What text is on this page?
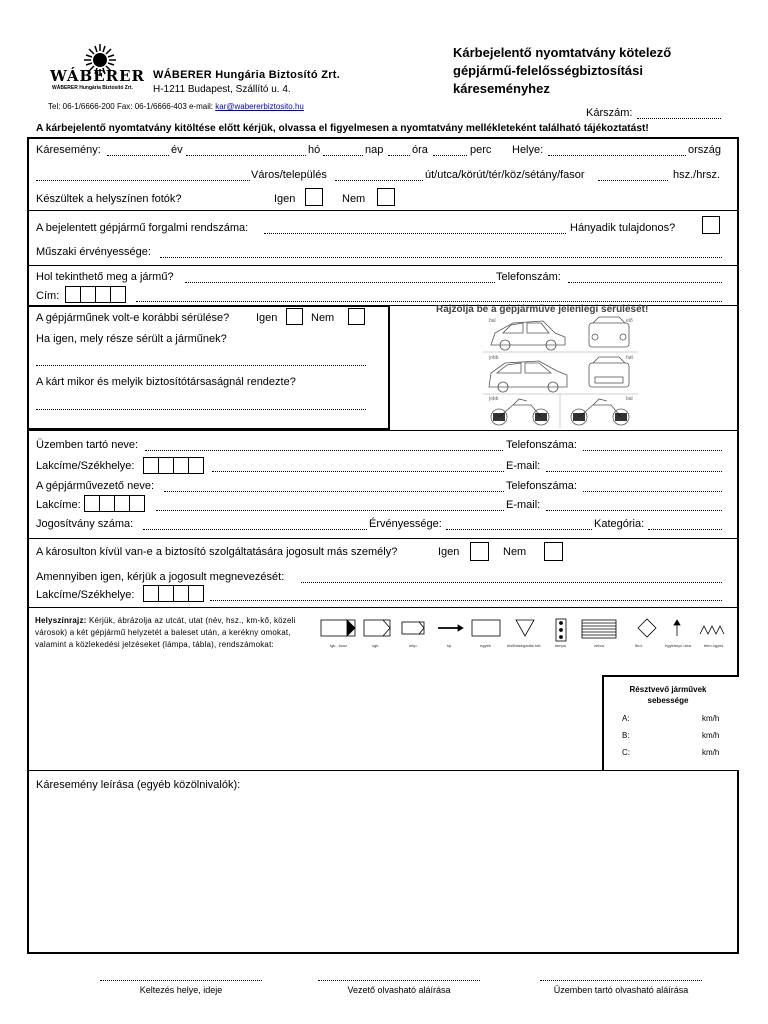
WÁBERER
WÁBERER Hungária Biztosító Zrt.
WÁBERER Hungária Biztosító Zrt.
H-1211 Budapest, Szállító u. 4.
Tel: 06-1/6666-200 Fax: 06-1/6666-403 e-mail: kar@wabererbiztosito.hu
Kárbejelentő nyomtatvány kötelező
gépjármű-felelősségbiztosítási
káreseményhez
Kárszám:
A kárbejelentő nyomtatvány kitöltése előtt kérjük, olvassa el figyelmesen a nyomtatvány mellékleteként található tájékoztatást!
Káresemény:	év	hó	nap	óra	perc Helye:	ország
Város/település	út/utca/körút/tér/köz/sétány/fasor	hsz./hrsz.
Készültek a helyszínen fotók?	Igen	Nem
A bejelentett gépjármű forgalmi rendszáma:	Hányadik tulajdonos?
Műszaki érvényessége:
Hol tekinthető meg a jármű?	Telefonszám:
Cím:
A gépjárműnek volt-e korábbi sérülése? Igen	Nem
Ha igen, mely része sérült a járműnek?
A kárt mikor és melyik biztosítótársaságnál rendezte?
Rajzolja be a gépjárműve jelenlegi sérülését!
bal	elő
jobb	hát
jobb	bal
Üzemben tartó neve:	Telefonszáma:
Lakcíme/Székhelye:	E-mail:
A gépjárművezető neve:	Telefonszáma:
Lakcíme:	E-mail:
Jogosítvány száma:	Érvényessége:	Kategória:
A károsulton kívül van-e a biztosító szolgáltatására jogosult más személy?	Igen	Nem
Amennyiben igen, kérjük a jogosult megnevezését:
Lakcíme/Székhelye:
Helyszínrajz: Kérjük, ábrázolja az utcát, utat (név, hsz., km-kő, közeli városok) a két gépjármű helyzetét a baleset után, a kerékny omokat, valamint a közlekedési jelzéseket (lámpa, tábla), rendszámokat:	tgk., busz	sgk.	mkp.	kp.	egyéb	elsőbbségadás köt.	lámpa	zebra	fkrd.	egyirányú utca	felm.ügyes
Résztvevő járművek
sebessége
A:	km/h
B:	km/h
C:	km/h
Káresemény leírása (egyéb közölnivalók):
Keltezés helye, ideje	Vezető olvasható aláírása	Üzemben tartó olvasható aláírása
